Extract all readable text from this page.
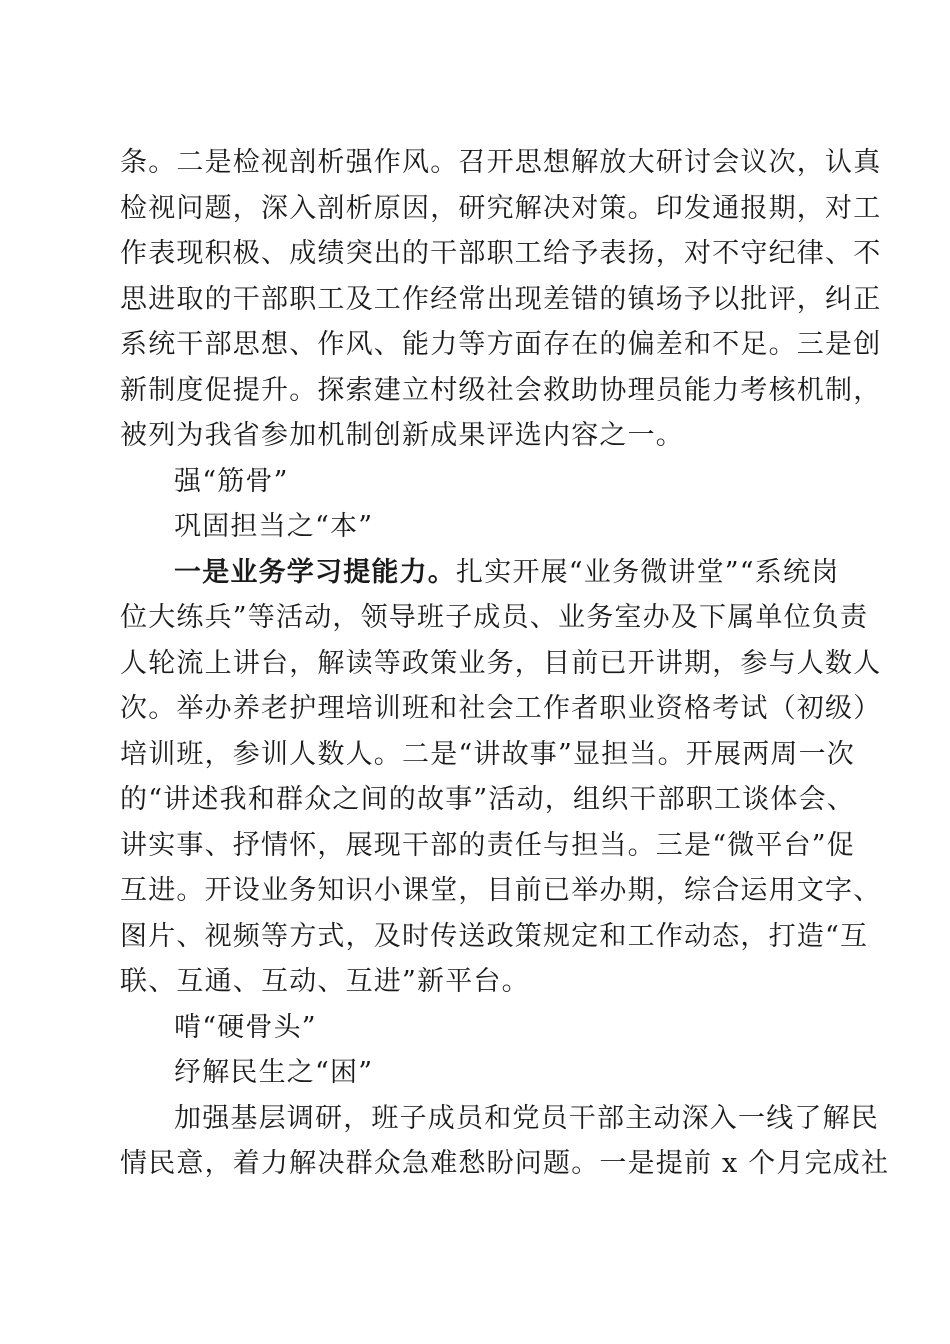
条。二是检视剖析强作风。召开思想解放大研讨会议次，认真
检视问题，深入剖析原因，研究解决对策。印发通报期，对工
作表现积极、成绩突出的干部职工给予表扬，对不守纪律、不
思进取的干部职工及工作经常出现差错的镇场予以批评，纠正
系统干部思想、作风、能力等方面存在的偏差和不足。三是创
新制度促提升。探索建立村级社会救助协理员能力考核机制，
被列为我省参加机制创新成果评选内容之一。
强“筋骨”
巩固担当之“本”
一是业务学习提能力。扎实开展“业务微讲堂”“系统岗
位大练兵”等活动，领导班子成员、业务室办及下属单位负责
人轮流上讲台，解读等政策业务，目前已开讲期，参与人数人
次。举办养老护理培训班和社会工作者职业资格考试（初级）
培训班，参训人数人。二是“讲故事”显担当。开展两周一次
的“讲述我和群众之间的故事”活动，组织干部职工谈体会、
讲实事、抒情怀，展现干部的责任与担当。三是“微平台”促
互进。开设业务知识小课堂，目前已举办期，综合运用文字、
图片、视频等方式，及时传送政策规定和工作动态，打造“互
联、互通、互动、互进”新平台。
啃“硬骨头”
纾解民生之“困”
加强基层调研，班子成员和党员干部主动深入一线了解民
情民意，着力解决群众急难愁盼问题。一是提前 x 个月完成社
